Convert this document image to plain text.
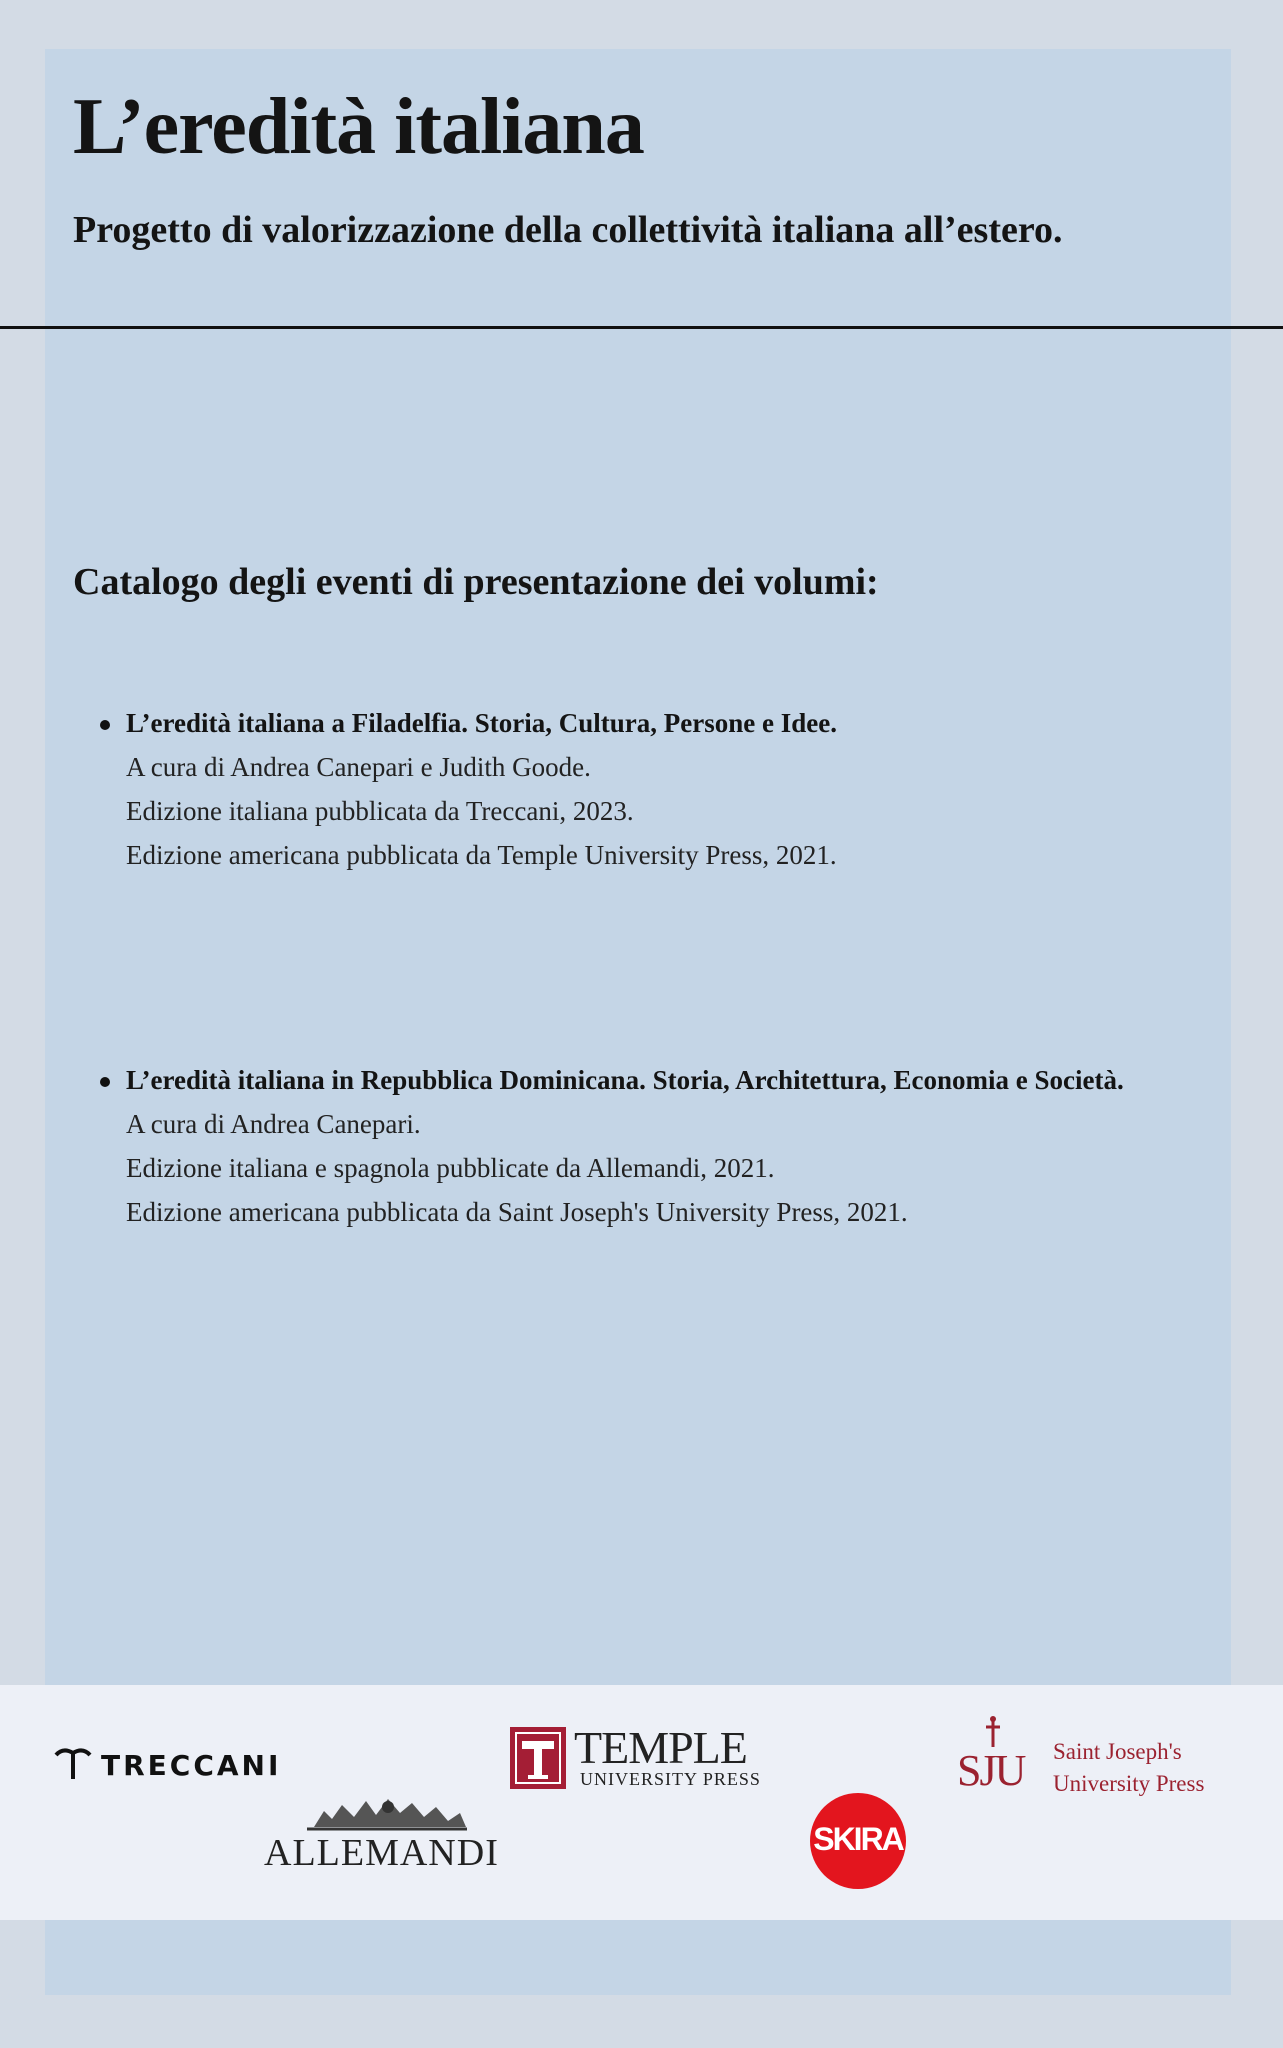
L’eredità italiana
Progetto di valorizzazione della collettività italiana all’estero.
Catalogo degli eventi di presentazione dei volumi:
L’eredità italiana a Filadelfia. Storia, Cultura, Persone e Idee.
A cura di Andrea Canepari e Judith Goode.
Edizione italiana pubblicata da Treccani, 2023.
Edizione americana pubblicata da Temple University Press, 2021.
L’eredità italiana in Repubblica Dominicana. Storia, Architettura, Economia e Società.
A cura di Andrea Canepari.
Edizione italiana e spagnola pubblicate da Allemandi, 2021.
Edizione americana pubblicata da Saint Joseph's University Press, 2021.
TRECCANI	TEMPLE
UNIVERSITY PRESS
ALLEMANDI	SKIRA
SJU Saint Joseph's
University Press
